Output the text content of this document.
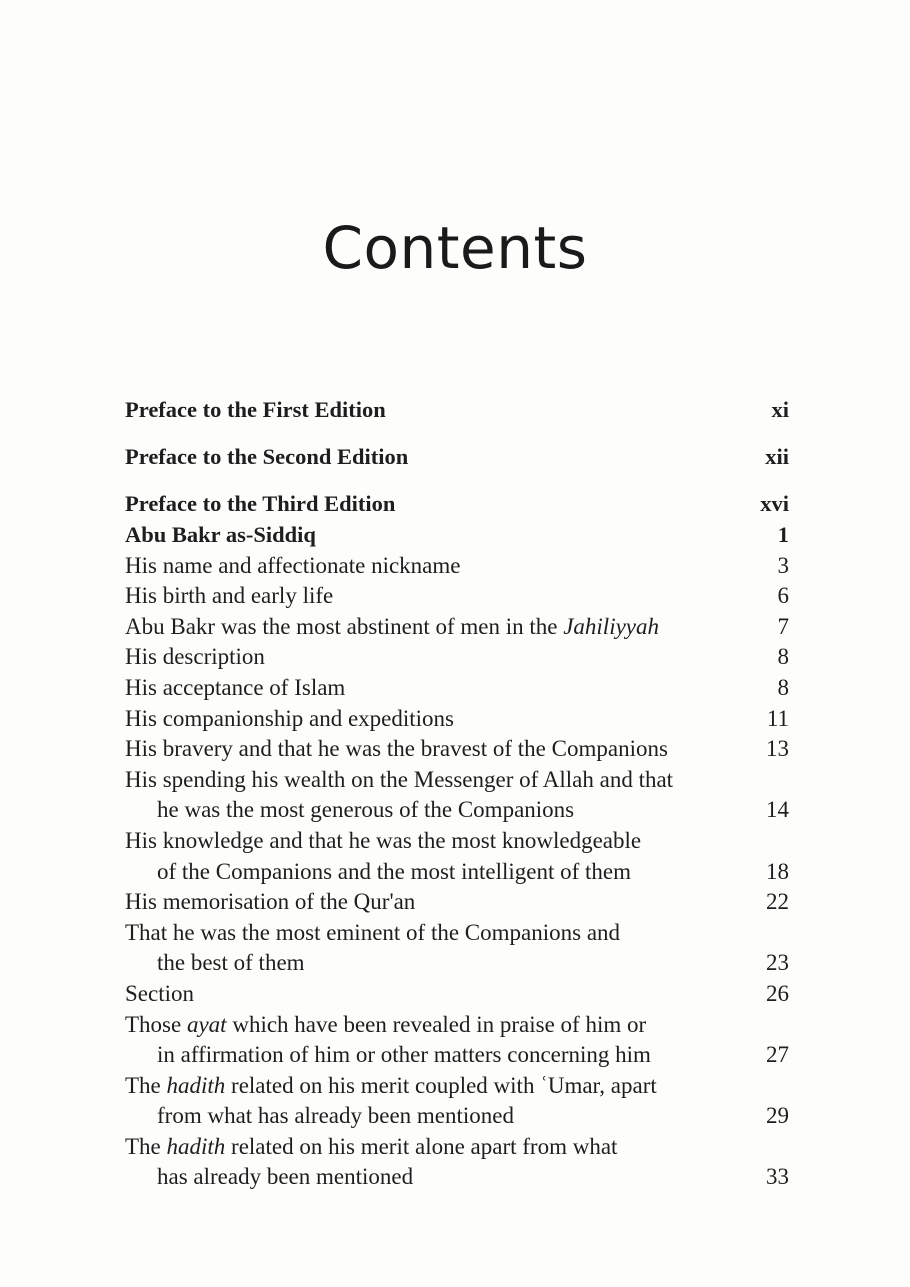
Contents
Preface to the First Edition	xi
Preface to the Second Edition	xii
Preface to the Third Edition	xvi
Abu Bakr as-Siddiq	1
His name and affectionate nickname	3
His birth and early life	6
Abu Bakr was the most abstinent of men in the Jahiliyyah	7
His description	8
His acceptance of Islam	8
His companionship and expeditions	11
His bravery and that he was the bravest of the Companions	13
His spending his wealth on the Messenger of Allah and that
he was the most generous of the Companions	14
His knowledge and that he was the most knowledgeable
of the Companions and the most intelligent of them	18
His memorisation of the Qur'an	22
That he was the most eminent of the Companions and
the best of them	23
Section	26
Those ayat which have been revealed in praise of him or
in affirmation of him or other matters concerning him	27
The hadith related on his merit coupled with ʿUmar, apart
from what has already been mentioned	29
The hadith related on his merit alone apart from what
has already been mentioned	33
